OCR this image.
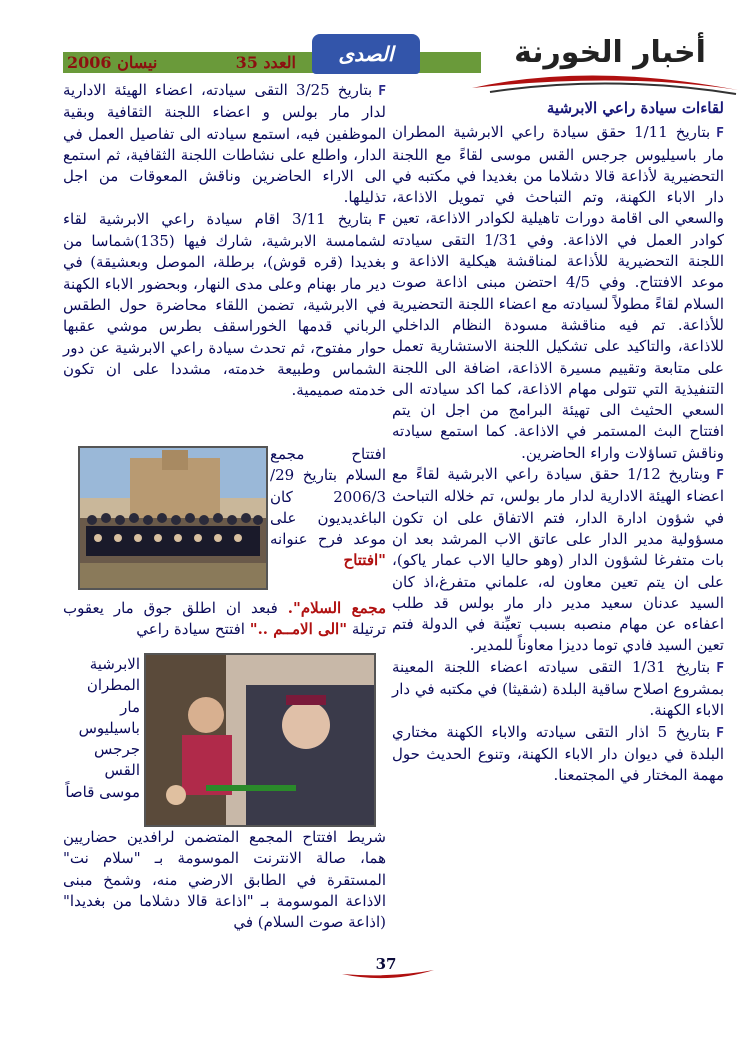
نيسان 2006	العدد 35	الصدى	أخبار الخورنة
لقاءات سيادة راعي الابرشية

Fبتاريخ 1/11 حقق سيادة راعي الابرشية المطران مار باسيليوس جرجس القس موسى لقاءً مع اللجنة التحضيرية لأذاعة قالا دشلاما من بغديدا في مكتبه في دار الاباء الكهنة، وتم التباحث في تمويل الاذاعة، والسعي الى اقامة دورات تاهيلية لكوادر الاذاعة، تعين كوادر العمل في الاذاعة. وفي 1/31 التقى سيادته اللجنة التحضيرية للأذاعة لمناقشة هيكلية الاذاعة و موعد الافتتاح. وفي 4/5 احتضن مبنى اذاعة صوت السلام لقاءً مطولاً لسيادته مع اعضاء اللجنة التحضيرية للأذاعة. تم فيه مناقشة مسودة النظام الداخلي للاذاعة، والتاكيد على تشكيل اللجنة الاستشارية تعمل على متابعة وتقييم مسيرة الاذاعة، اضافة الى اللجنة التنفيذية التي تتولى مهام الاذاعة، كما اكد سيادته الى السعي الحثيث الى تهيئة البرامج من اجل ان يتم افتتاح البث المستمر في الاذاعة. كما استمع سيادته وناقش تساؤلات واراء الحاضرين.

Fوبتاريخ 1/12 حقق سيادة راعي الابرشية لقاءً مع اعضاء الهيئة الادارية لدار مار بولس، تم خلاله التباحث في شؤون ادارة الدار، فتم الاتفاق على ان تكون مسؤولية مدير الدار على عاتق الاب المرشد بعد ان بات متفرغا لشؤون الدار (وهو حاليا الاب عمار ياكو)، على ان يتم تعين معاون له، علماني متفرغ،اذ كان السيد عدنان سعيد مدير دار مار بولس قد طلب اعفاءه عن مهام منصبه بسبب تعيِّنة في الدولة فتم تعين السيد فادي توما دديزا معاوناً للمدير.

Fبتاريخ 1/31 التقى سيادته اعضاء اللجنة المعينة بمشروع اصلاح ساقية البلدة (شقيثا) في مكتبه في دار الاباء الكهنة.

Fبتاريخ 5 اذار التقى سيادته والاباء الكهنة مختاري البلدة في ديوان دار الاباء الكهنة، وتنوع الحديث حول مهمة المختار في المجتمعنا.

Fبتاريخ 3/25 التقى سيادته، اعضاء الهيئة الادارية لدار مار بولس و اعضاء اللجنة الثقافية وبقية الموظفين فيه، استمع سيادته الى تفاصيل العمل في الدار، واطلع على نشاطات اللجنة الثقافية، ثم استمع الى الاراء الحاضرين وناقش المعوقات من اجل تذليلها.

Fبتاريخ 3/11 اقام سيادة راعي الابرشية لقاء لشمامسة الابرشية، شارك فيها (135)شماسا من بغديدا (قره قوش)، برطلة، الموصل وبعشيقة) في دير مار بهنام وعلى مدى النهار، وبحضور الاباء الكهنة في الابرشية، تضمن اللقاء محاضرة حول الطقس الرباني قدمها الخوراسقف بطرس موشي عقبها حوار مفتوح، ثم تحدث سيادة راعي الابرشية عن دور الشماس وطبيعة خدمته، مشددا على ان تكون خدمته صميمية.

افتتاح مجمع السلام بتاريخ 29/ 2006/3 كان الباغديديون على موعد فرح عنوانه "افتتاح
مجمع السلام". فبعد ان اطلق جوق مار يعقوب ترتيلة "الى الامــم .." افتتح سيادة راعي
الابرشية المطران مار باسيليوس جرجس القس موسى قاصاً
شريط افتتاح المجمع المتضمن لرافدين حضاريين هما، صالة الانترنت الموسومة بـ "سلام نت" المستقرة في الطابق الارضي منه، وشمخ مبنى الاذاعة الموسومة بـ "اذاعة قالا دشلاما من بغديدا" (اذاعة صوت السلام) في
37
